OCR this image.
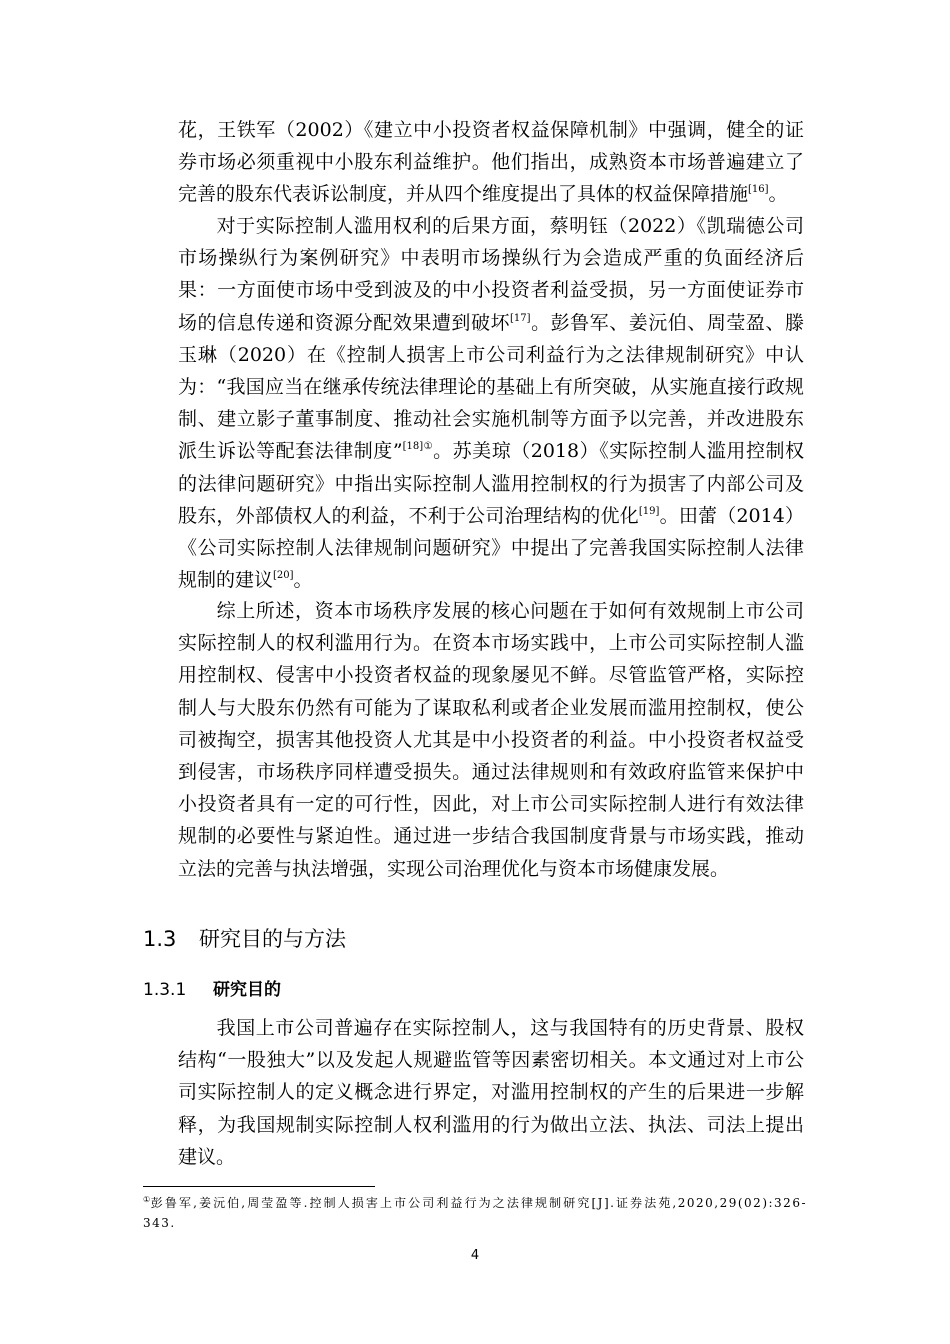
花，王铁军（2002）《建立中小投资者权益保障机制》中强调，健全的证券市场必须重视中小股东利益维护。他们指出，成熟资本市场普遍建立了完善的股东代表诉讼制度，并从四个维度提出了具体的权益保障措施[16]。

对于实际控制人滥用权利的后果方面，蔡明钰（2022）《凯瑞德公司市场操纵行为案例研究》中表明市场操纵行为会造成严重的负面经济后果：一方面使市场中受到波及的中小投资者利益受损，另一方面使证券市场的信息传递和资源分配效果遭到破坏[17]。彭鲁军、姜沅伯、周莹盈、滕玉琳（2020）在《控制人损害上市公司利益行为之法律规制研究》中认为：“我国应当在继承传统法律理论的基础上有所突破，从实施直接行政规制、建立影子董事制度、推动社会实施机制等方面予以完善，并改进股东派生诉讼等配套法律制度”$^{[18]①}$。苏美琼（2018）《实际控制人滥用控制权的法律问题研究》中指出实际控制人滥用控制权的行为损害了内部公司及股东，外部债权人的利益，不利于公司治理结构的优化[19]。田蕾（2014）《公司实际控制人法律规制问题研究》中提出了完善我国实际控制人法律规制的建议[20]。

综上所述，资本市场秩序发展的核心问题在于如何有效规制上市公司实际控制人的权利滥用行为。在资本市场实践中，上市公司实际控制人滥用控制权、侵害中小投资者权益的现象屡见不鲜。尽管监管严格，实际控制人与大股东仍然有可能为了谋取私利或者企业发展而滥用控制权，使公司被掏空，损害其他投资人尤其是中小投资者的利益。中小投资者权益受到侵害，市场秩序同样遭受损失。通过法律规则和有效政府监管来保护中小投资者具有一定的可行性，因此，对上市公司实际控制人进行有效法律规制的必要性与紧迫性。通过进一步结合我国制度背景与市场实践，推动立法的完善与执法增强，实现公司治理优化与资本市场健康发展。

1.3 研究目的与方法
1.3.1 研究目的

我国上市公司普遍存在实际控制人，这与我国特有的历史背景、股权结构“一股独大”以及发起人规避监管等因素密切相关。本文通过对上市公司实际控制人的定义概念进行界定，对滥用控制权的产生的后果进一步解释，为我国规制实际控制人权利滥用的行为做出立法、执法、司法上提出建议。

①彭鲁军,姜沅伯,周莹盈等.控制人损害上市公司利益行为之法律规制研究[J].证券法苑,2020,29(02):326-343.

4
